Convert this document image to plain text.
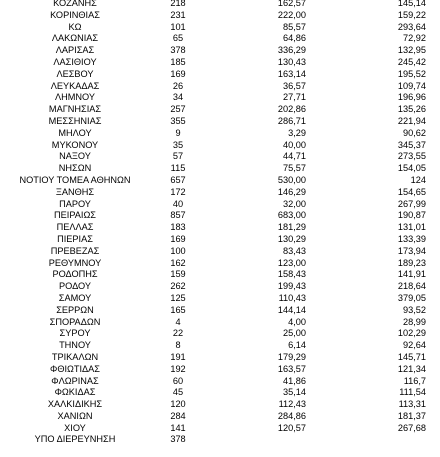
ΚΟΖΑΝΗΣ	218	162,57	145,14
ΚΟΡΙΝΘΙΑΣ	231	222,00	159,22
ΚΩ	101	85,57	293,64
ΛΑΚΩΝΙΑΣ	65	64,86	72,92
ΛΑΡΙΣΑΣ	378	336,29	132,95
ΛΑΣΙΘΙΟΥ	185	130,43	245,42
ΛΕΣΒΟΥ	169	163,14	195,52
ΛΕΥΚΑΔΑΣ	26	36,57	109,74
ΛΗΜΝΟΥ	34	27,71	196,96
ΜΑΓΝΗΣΙΑΣ	257	202,86	135,26
ΜΕΣΣΗΝΙΑΣ	355	286,71	221,94
ΜΗΛΟΥ	9	3,29	90,62
ΜΥΚΟΝΟΥ	35	40,00	345,37
ΝΑΞΟΥ	57	44,71	273,55
ΝΗΣΩΝ	115	75,57	154,05
ΝΟΤΙΟΥ ΤΟΜΕΑ ΑΘΗΝΩΝ	657	530,00	124
ΞΑΝΘΗΣ	172	146,29	154,65
ΠΑΡΟΥ	40	32,00	267,99
ΠΕΙΡΑΙΩΣ	857	683,00	190,87
ΠΕΛΛΑΣ	183	181,29	131,01
ΠΙΕΡΙΑΣ	169	130,29	133,39
ΠΡΕΒΕΖΑΣ	100	83,43	173,94
ΡΕΘΥΜΝΟΥ	162	123,00	189,23
ΡΟΔΟΠΗΣ	159	158,43	141,91
ΡΟΔΟΥ	262	199,43	218,64
ΣΑΜΟΥ	125	110,43	379,05
ΣΕΡΡΩΝ	165	144,14	93,52
ΣΠΟΡΑΔΩΝ	4	4,00	28,99
ΣΥΡΟΥ	22	25,00	102,29
ΤΗΝΟΥ	8	6,14	92,64
ΤΡΙΚΑΛΩΝ	191	179,29	145,71
ΦΘΙΩΤΙΔΑΣ	192	163,57	121,34
ΦΛΩΡΙΝΑΣ	60	41,86	116,7
ΦΩΚΙΔΑΣ	45	35,14	111,54
ΧΑΛΚΙΔΙΚΗΣ	120	112,43	113,31
ΧΑΝΙΩΝ	284	284,86	181,37
ΧΙΟΥ	141	120,57	267,68
ΥΠΟ ΔΙΕΡΕΥΝΗΣΗ	378
